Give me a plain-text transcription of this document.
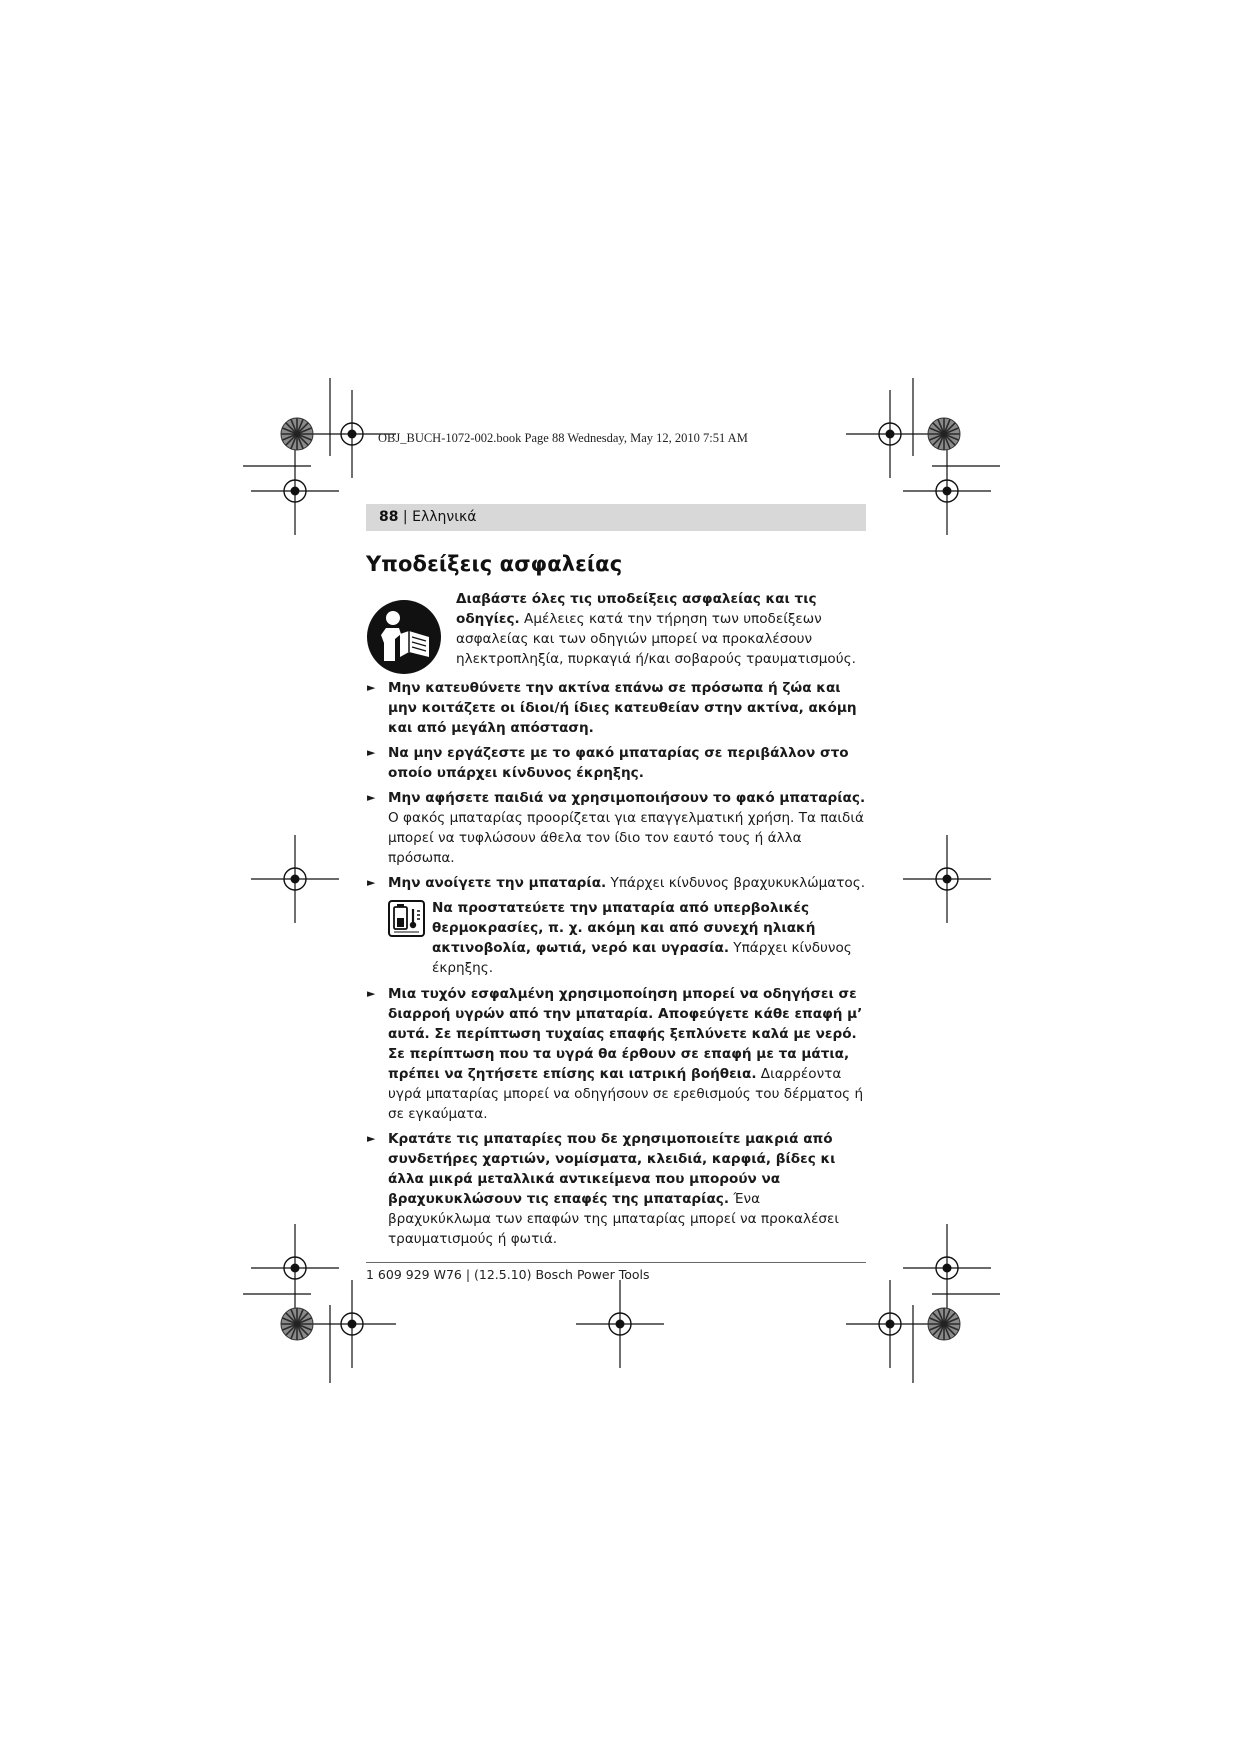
OBJ_BUCH-1072-002.book Page 88 Wednesday, May 12, 2010 7:51 AM
88 | Ελληνικά
Υποδείξεις ασφαλείας

Διαβάστε όλες τις υποδείξεις ασφαλείας και τις οδηγίες. Αμέλειες κατά την τήρηση των υποδείξεων ασφαλείας και των οδηγιών μπορεί να προκαλέσουν ηλεκτροπληξία, πυρκαγιά ή/και σοβαρούς τραυματισμούς.

► Μην κατευθύνετε την ακτίνα επάνω σε πρόσωπα ή ζώα και μην κοιτάζετε οι ίδιοι/ή ίδιες κατευθείαν στην ακτίνα, ακόμη και από μεγάλη απόσταση.

► Να μην εργάζεστε με το φακό μπαταρίας σε περιβάλλον στο οποίο υπάρχει κίνδυνος έκρηξης.

► Μην αφήσετε παιδιά να χρησιμοποιήσουν το φακό μπαταρίας. Ο φακός μπαταρίας προορίζεται για επαγγελματική χρήση. Τα παιδιά μπορεί να τυφλώσουν άθελα τον ίδιο τον εαυτό τους ή άλλα πρόσωπα.

► Μην ανοίγετε την μπαταρία. Υπάρχει κίνδυνος βραχυκυκλώματος.

Να προστατεύετε την μπαταρία από υπερβολικές θερμοκρασίες, π. χ. ακόμη και από συνεχή ηλιακή ακτινοβολία, φωτιά, νερό και υγρασία. Υπάρχει κίνδυνος έκρηξης.

► Μια τυχόν εσφαλμένη χρησιμοποίηση μπορεί να οδηγήσει σε διαρροή υγρών από την μπαταρία. Αποφεύγετε κάθε επαφή μ’ αυτά. Σε περίπτωση τυχαίας επαφής ξεπλύνετε καλά με νερό. Σε περίπτωση που τα υγρά θα έρθουν σε επαφή με τα μάτια, πρέπει να ζητήσετε επίσης και ιατρική βοήθεια. Διαρρέοντα υγρά μπαταρίας μπορεί να οδηγήσουν σε ερεθισμούς του δέρματος ή σε εγκαύματα.

► Κρατάτε τις μπαταρίες που δε χρησιμοποιείτε μακριά από συνδετήρες χαρτιών, νομίσματα, κλειδιά, καρφιά, βίδες κι άλλα μικρά μεταλλικά αντικείμενα που μπορούν να βραχυκυκλώσουν τις επαφές της μπαταρίας. Ένα βραχυκύκλωμα των επαφών της μπαταρίας μπορεί να προκαλέσει τραυματισμούς ή φωτιά.

1 609 929 W76 | (12.5.10) Bosch Power Tools
